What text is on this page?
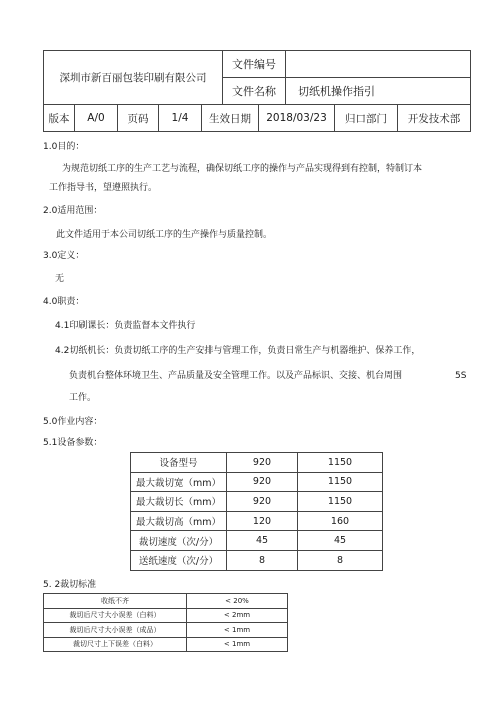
深圳市新百丽包装印刷有限公司	文件编号	
	文件名称	切纸机操作指引
版本	A/0	页码	1/4	生效日期	2018/03/23	归口部门	开发技术部
1.0目的：
为规范切纸工序的生产工艺与流程，确保切纸工序的操作与产品实现得到有控制，特制订本
工作指导书，望遵照执行。
2.0适用范围：
此文件适用于本公司切纸工序的生产操作与质量控制。
3.0定义：
无
4.0职责：
4.1印刷课长：负责监督本文件执行
4.2切纸机长：负责切纸工序的生产安排与管理工作，负责日常生产与机器维护、保养工作，
负责机台整体环境卫生、产品质量及安全管理工作。以及产品标识、交接、机台周围	5S
工作。
5.0作业内容：
5.1设备参数：
设备型号	920	1150
最大裁切宽（mm）	920	1150
最大裁切长（mm）	920	1150
最大裁切高（mm）	120	160
裁切速度（次/分）	45	45
送纸速度（次/分）	8	8
5. 2裁切标准
收纸不齐	< 20%
裁切后尺寸大小误差（白料）	< 2mm
裁切后尺寸大小误差（成品）	< 1mm
裁切尺寸上下误差（白料）	< 1mm
